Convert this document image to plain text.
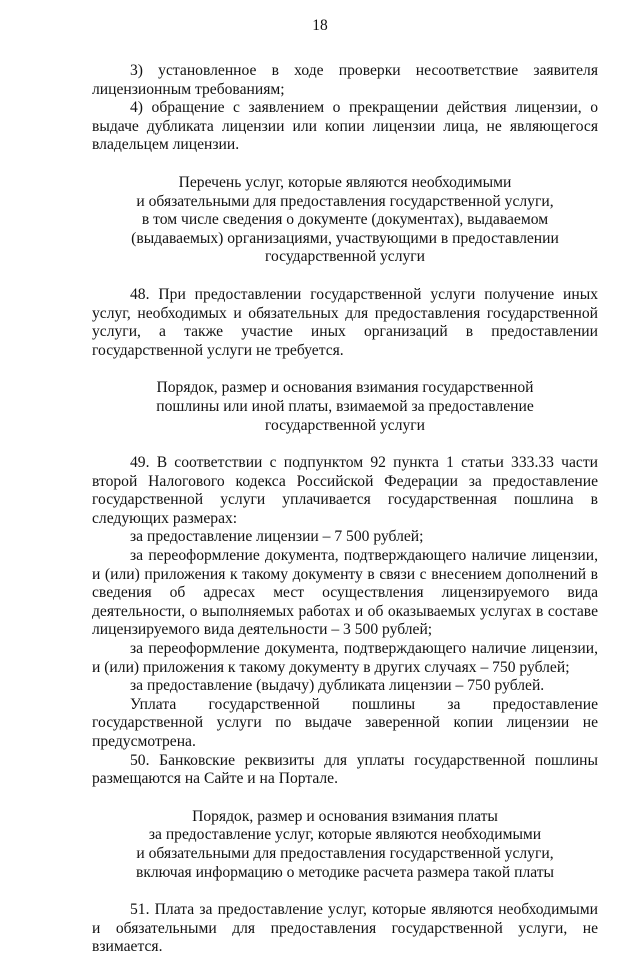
18

3) установленное в ходе проверки несоответствие заявителя лицензионным требованиям;

4) обращение с заявлением о прекращении действия лицензии, о выдаче дубликата лицензии или копии лицензии лица, не являющегося владельцем лицензии.

Перечень услуг, которые являются необходимыми

и обязательными для предоставления государственной услуги,

в том числе сведения о документе (документах), выдаваемом

(выдаваемых) организациями, участвующими в предоставлении

государственной услуги

48. При предоставлении государственной услуги получение иных услуг, необходимых и обязательных для предоставления государственной услуги, а также участие иных организаций в предоставлении государственной услуги не требуется.

Порядок, размер и основания взимания государственной

пошлины или иной платы, взимаемой за предоставление

государственной услуги

49. В соответствии с подпунктом 92 пункта 1 статьи 333.33 части второй Налогового кодекса Российской Федерации за предоставление государственной услуги уплачивается государственная пошлина в следующих размерах:

за предоставление лицензии – 7 500 рублей;

за переоформление документа, подтверждающего наличие лицензии, и (или) приложения к такому документу в связи с внесением дополнений в сведения об адресах мест осуществления лицензируемого вида деятельности, о выполняемых работах и об оказываемых услугах в составе лицензируемого вида деятельности – 3 500 рублей;

за переоформление документа, подтверждающего наличие лицензии, и (или) приложения к такому документу в других случаях – 750 рублей;

за предоставление (выдачу) дубликата лицензии – 750 рублей.

Уплата государственной пошлины за предоставление государственной услуги по выдаче заверенной копии лицензии не предусмотрена.

50. Банковские реквизиты для уплаты государственной пошлины размещаются на Сайте и на Портале.

Порядок, размер и основания взимания платы

за предоставление услуг, которые являются необходимыми

и обязательными для предоставления государственной услуги,

включая информацию о методике расчета размера такой платы

51. Плата за предоставление услуг, которые являются необходимыми и обязательными для предоставления государственной услуги, не взимается.
